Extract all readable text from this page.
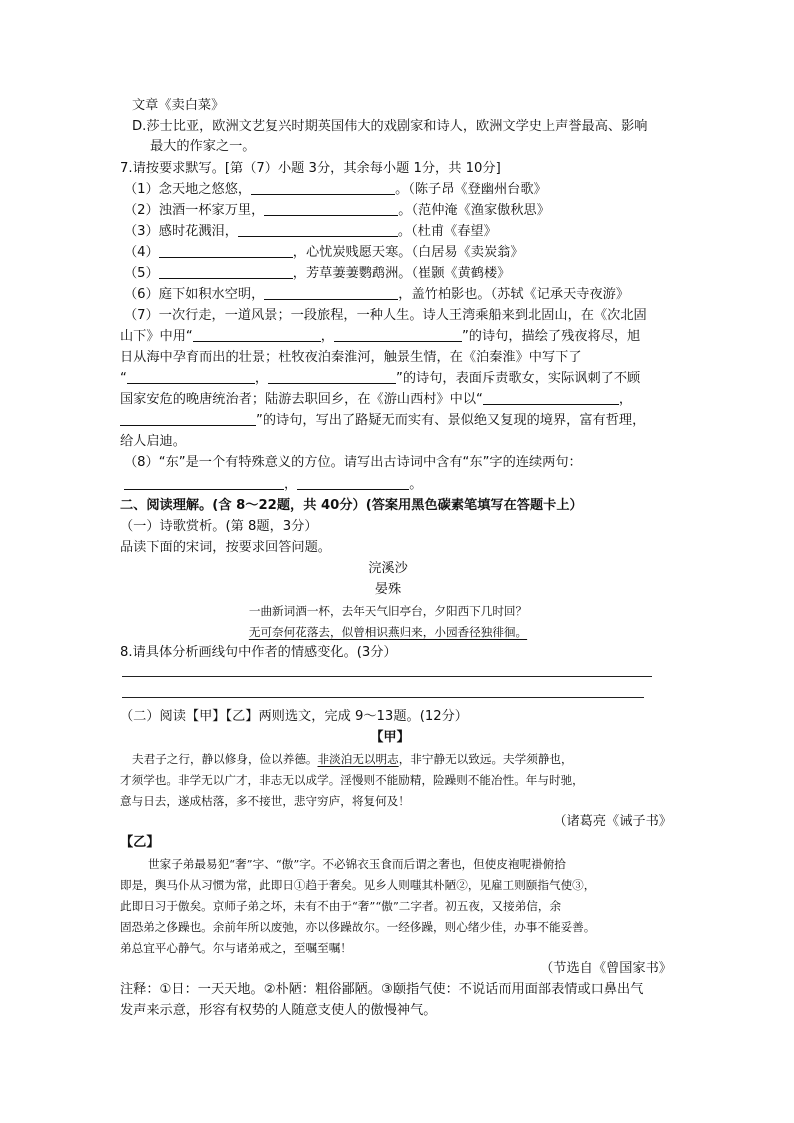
文章《卖白菜》
D.莎士比亚，欧洲文艺复兴时期英国伟大的戏剧家和诗人，欧洲文学史上声誉最高、影响
最大的作家之一。
7.请按要求默写。[第（7）小题 3分，其余每小题 1分，共 10分]
（1）念天地之悠悠，	。（陈子昂《登幽州台歌》
（2）浊酒一杯家万里，	。（范仲淹《渔家傲秋思》
（3）感时花溅泪，	。（杜甫《春望》
（4）	，心忧炭贱愿天寒。（白居易《卖炭翁》
（5）	，芳草萋萋鹦鹉洲。（崔颢《黄鹤楼》
（6）庭下如积水空明，	，盖竹柏影也。（苏轼《记承天寺夜游》
（7）一次行走，一道风景；一段旅程，一种人生。诗人王湾乘船来到北固山，在《次北固
山下》中用“	，	”的诗句，描绘了残夜将尽，旭
日从海中孕育而出的壮景；杜牧夜泊秦淮河，触景生情，在《泊秦淮》中写下了
“	，	”的诗句，表面斥责歌女，实际讽刺了不顾
国家安危的晚唐统治者；陆游去职回乡，在《游山西村》中以“	，
”的诗句，写出了路疑无而实有、景似绝又复现的境界，富有哲理，
给人启迪。
（8）“东”是一个有特殊意义的方位。请写出古诗词中含有“东”字的连续两句：
，	。
二、阅读理解。(含 8～22题，共 40分）(答案用黑色碳素笔填写在答题卡上）
（一）诗歌赏析。(第 8题，3分）
品读下面的宋词，按要求回答问题。
浣溪沙
晏殊
一曲新词酒一杯，去年天气旧亭台，夕阳西下几时回？
无可奈何花落去，似曾相识燕归来，小园香径独徘徊。
8.请具体分析画线句中作者的情感变化。(3分）
（二）阅读【甲】【乙】两则选文，完成 9～13题。(12分）
【甲】
夫君子之行，静以修身，俭以养德。非淡泊无以明志，非宁静无以致远。夫学须静也，
才须学也。非学无以广才，非志无以成学。淫慢则不能励精，险躁则不能冶性。年与时驰，
意与日去，遂成枯落，多不接世，悲守穷庐，将复何及！
（诸葛亮《诫子书》
【乙】
世家子弟最易犯“奢”字、“傲”字。不必锦衣玉食而后谓之奢也，但使皮袍呢褂俯拾
即是，舆马仆从习惯为常，此即日①趋于奢矣。见乡人则嗤其朴陋②，见雇工则颐指气使③，
此即日习于傲矣。京师子弟之坏，未有不由于“奢”“傲”二字者。初五夜，又接弟信，余
固恐弟之侈躁也。余前年所以废弛，亦以侈躁故尔。一经侈躁，则心绪少佳，办事不能妥善。
弟总宜平心静气。尔与诸弟戒之，至嘱至嘱！
（节选自《曾国家书》
注释：①日：一天天地。②朴陋：粗俗鄙陋。③颐指气使：不说话而用面部表情或口鼻出气
发声来示意，形容有权势的人随意支使人的傲慢神气。
